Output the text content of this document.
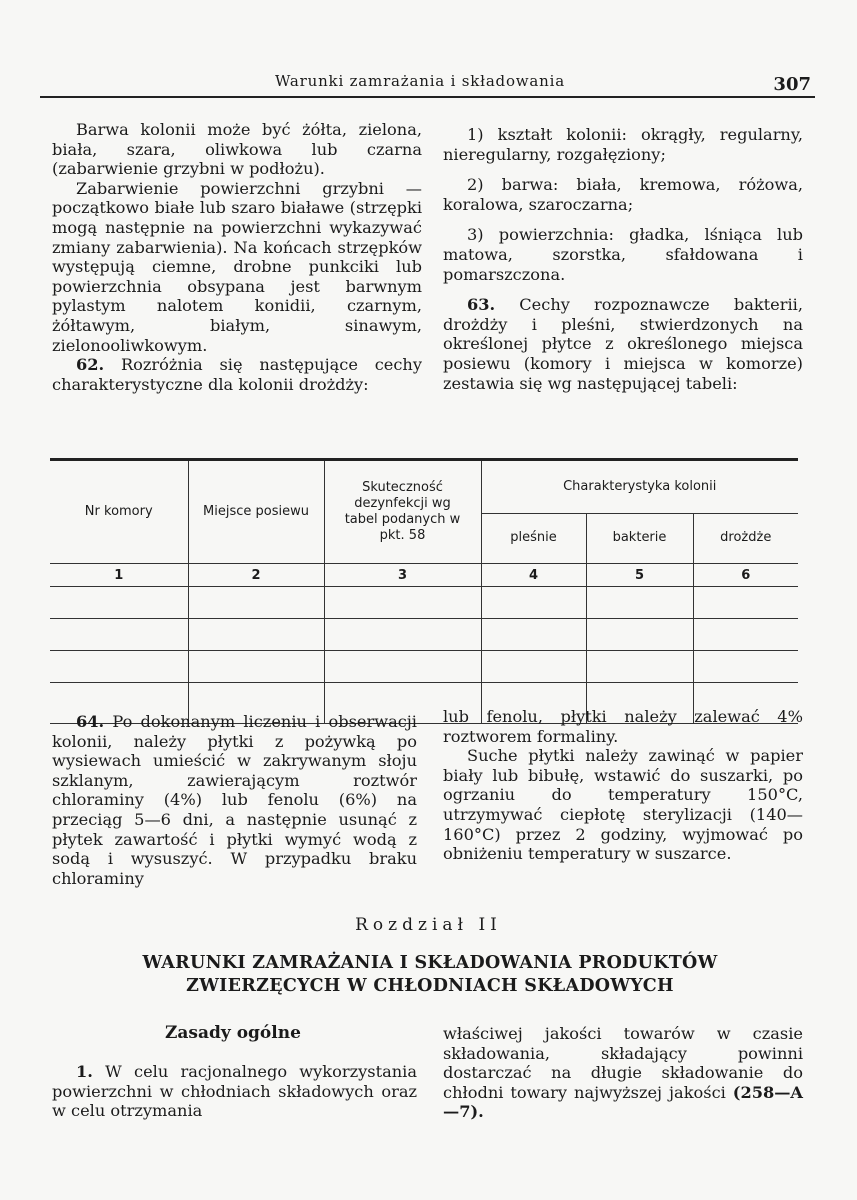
Warunki zamrażania i składowania	307

Barwa kolonii może być żółta, zielona, biała, szara, oliwkowa lub czarna (zabarwienie grzybni w podłożu).

Zabarwienie powierzchni grzybni — początkowo białe lub szaro białawe (strzępki mogą następnie na powierzchni wykazywać zmiany zabarwienia). Na końcach strzępków występują ciemne, drobne punkciki lub powierzchnia obsypana jest barwnym pylastym nalotem konidii, czarnym, żółtawym, białym, sinawym, zielonooliwkowym.

62. Rozróżnia się następujące cechy charakterystyczne dla kolonii drożdży:

1) kształt kolonii: okrągły, regularny, nieregularny, rozgałęziony;

2) barwa: biała, kremowa, różowa, koralowa, szaroczarna;

3) powierzchnia: gładka, lśniąca lub matowa, szorstka, sfałdowana i pomarszczona.

63. Cechy rozpoznawcze bakterii, drożdży i pleśni, stwierdzonych na określonej płytce z określonego miejsca posiewu (komory i miejsca w komorze) zestawia się wg następującej tabeli:

Nr komory	Miejsce posiewu	Skuteczność dezynfekcji wg tabel podanych w pkt. 58	Charakterystyka kolonii		
			pleśnie	bakterie	drożdże
1	2	3	4	5	6

64. Po dokonanym liczeniu i obserwacji kolonii, należy płytki z pożywką po wysiewach umieścić w zakrywanym słoju szklanym, zawierającym roztwór chloraminy (4%) lub fenolu (6%) na przeciąg 5—6 dni, a następnie usunąć z płytek zawartość i płytki wymyć wodą z sodą i wysuszyć. W przypadku braku chloraminy

lub fenolu, płytki należy zalewać 4% roztworem formaliny.

Suche płytki należy zawinąć w papier biały lub bibułę, wstawić do suszarki, po ogrzaniu do temperatury 150°C, utrzymywać ciepłotę sterylizacji (140—160°C) przez 2 godziny, wyjmować po obniżeniu temperatury w suszarce.

Rozdział II
WARUNKI ZAMRAŻANIA I SKŁADOWANIA PRODUKTÓW ZWIERZĘCYCH W CHŁODNIACH SKŁADOWYCH
Zasady ogólne

1. W celu racjonalnego wykorzystania powierzchni w chłodniach składowych oraz w celu otrzymania

właściwej jakości towarów w czasie składowania, składający powinni dostarczać na długie składowanie do chłodni towary najwyższej jakości (258—A—7).
